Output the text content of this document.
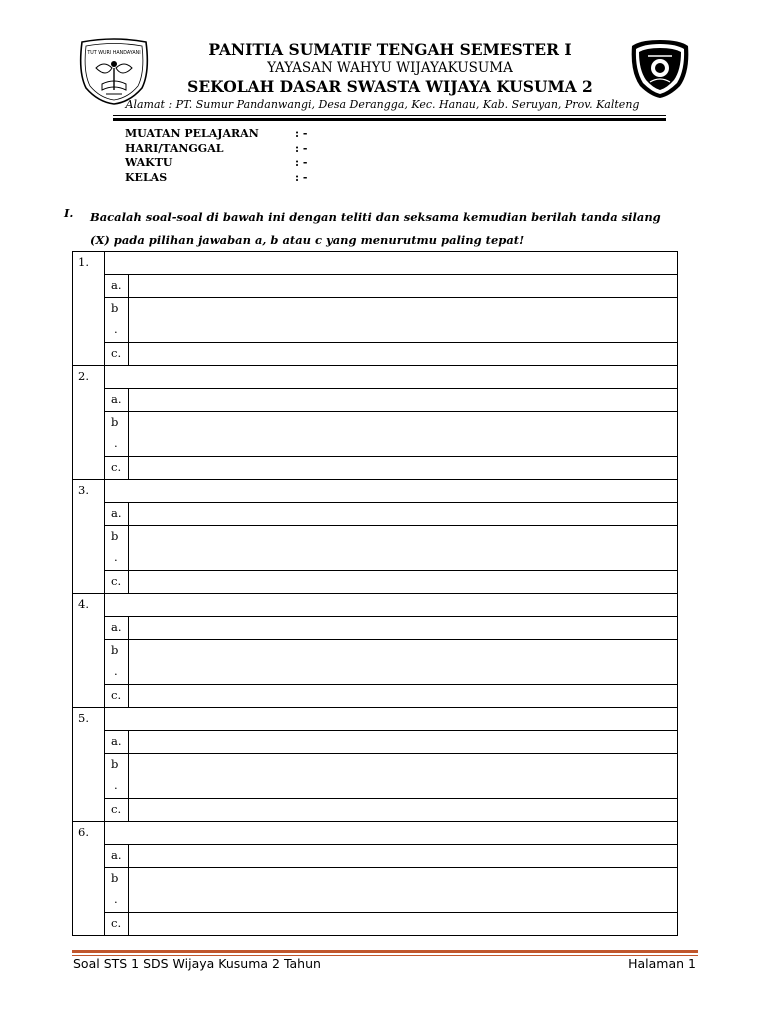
TUT WURI HANDAYANI	PANITIA SUMATIF TENGAH SEMESTER I
YAYASAN WAHYU WIJAYAKUSUMA
SEKOLAH DASAR SWASTA WIJAYA KUSUMA 2
Alamat : PT. Sumur Pandanwangi, Desa Derangga, Kec. Hanau, Kab. Seruyan, Prov. Kalteng
MUATAN PELAJARAN	: -
HARI/TANGGAL	: -
WAKTU	: -
KELAS	: -
I. Bacalah soal-soal di bawah ini dengan teliti dan seksama kemudian berilah tanda silang (X) pada pilihan jawaban a, b atau c yang menurutmu paling tepat!
1.		
	a.	

	b
.	

	c.	
2.		
	a.	

	b
.	

	c.	
3.		
	a.	

	b
.	

	c.	
4.		
	a.	

	b
.	

	c.	
5.		
	a.	

	b
.	

	c.	
6.		
	a.	

	b
.	

	c.	
Soal STS 1 SDS Wijaya Kusuma 2 Tahun	Halaman 1
